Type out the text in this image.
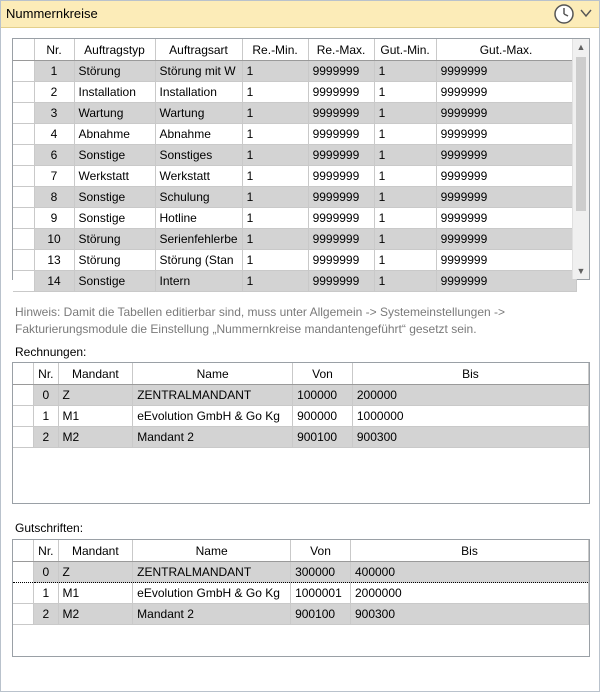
Nummernkreise
	Nr.	Auftragstyp	Auftragsart	Re.-Min.	Re.-Max.	Gut.-Min.	Gut.-Max.
	1	Störung	Störung mit W	1	9999999	1	9999999
	2	Installation	Installation	1	9999999	1	9999999
	3	Wartung	Wartung	1	9999999	1	9999999
	4	Abnahme	Abnahme	1	9999999	1	9999999
	6	Sonstige	Sonstiges	1	9999999	1	9999999
	7	Werkstatt	Werkstatt	1	9999999	1	9999999
	8	Sonstige	Schulung	1	9999999	1	9999999
	9	Sonstige	Hotline	1	9999999	1	9999999
	10	Störung	Serienfehlerbe	1	9999999	1	9999999
	13	Störung	Störung (Stan	1	9999999	1	9999999
	14	Sonstige	Intern	1	9999999	1	9999999
▲
▼
Hinweis: Damit die Tabellen editierbar sind, muss unter Allgemein -> Systemeinstellungen -> Fakturierungsmodule die Einstellung „Nummernkreise mandantengeführt“ gesetzt sein.
Rechnungen:
	Nr.	Mandant	Name	Von	Bis
	0	Z	ZENTRALMANDANT	100000	200000
	1	M1	eEvolution GmbH & Go Kg	900000	1000000
	2	M2	Mandant 2	900100	900300
Gutschriften:
	Nr.	Mandant	Name	Von	Bis
	0	Z	ZENTRALMANDANT	300000	400000
	1	M1	eEvolution GmbH & Go Kg	1000001	2000000
	2	M2	Mandant 2	900100	900300
